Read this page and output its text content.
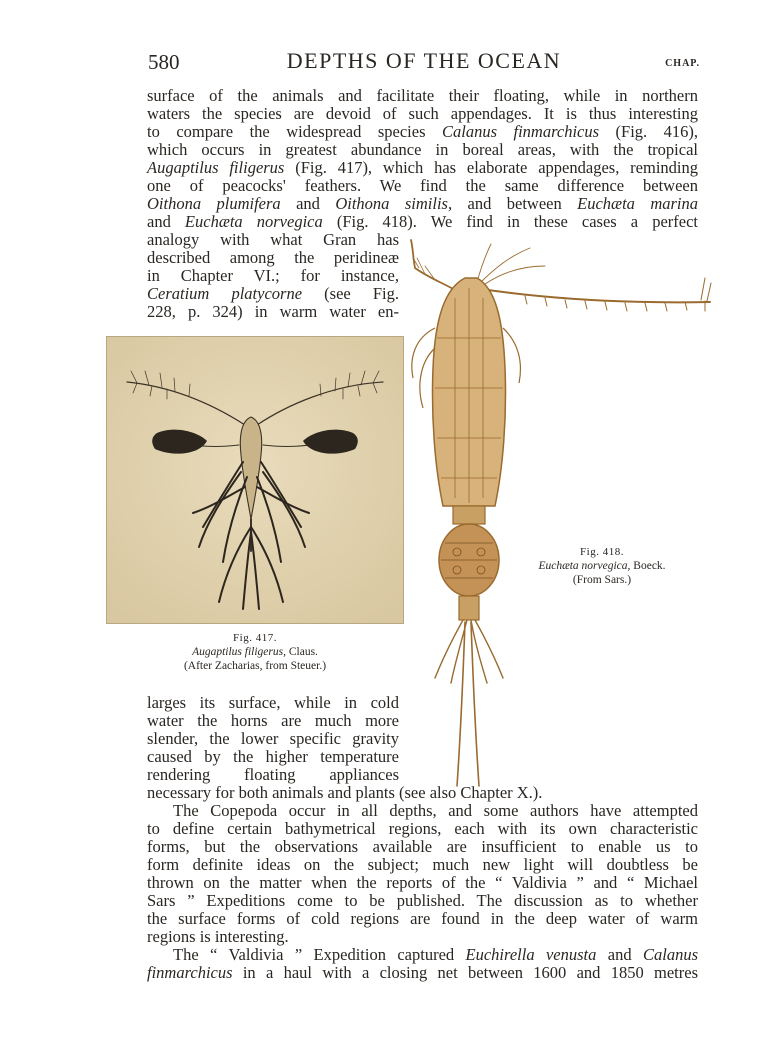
580	DEPTHS OF THE OCEAN	CHAP.
surface of the animals and facilitate their floating, while in northern
waters the species are devoid of such appendages. It is thus interesting
to compare the widespread species Calanus finmarchicus (Fig. 416),
which occurs in greatest abundance in boreal areas, with the tropical
Augaptilus filigerus (Fig. 417), which has elaborate appendages, reminding
one of peacocks' feathers. We find the same difference between
Oithona plumifera and Oithona similis, and between Euchæta marina
and Euchæta norvegica (Fig. 418). We find in these cases a perfect
analogy with what Gran has
described among the peridineæ
in Chapter VI.; for instance,
Ceratium platycorne (see Fig.
228, p. 324) in warm water en-
Fig. 417.
Augaptilus filigerus, Claus.
(After Zacharias, from Steuer.)
Fig. 418.
Euchæta norvegica, Boeck.
(From Sars.)
larges its surface, while in cold
water the horns are much more
slender, the lower specific gravity
caused by the higher temperature
rendering floating appliances
necessary for both animals and plants (see also Chapter X.).
The Copepoda occur in all depths, and some authors have attempted
to define certain bathymetrical regions, each with its own characteristic
forms, but the observations available are insufficient to enable us to
form definite ideas on the subject; much new light will doubtless be
thrown on the matter when the reports of the “ Valdivia ” and “ Michael
Sars ” Expeditions come to be published. The discussion as to whether
the surface forms of cold regions are found in the deep water of warm
regions is interesting.
The “ Valdivia ” Expedition captured Euchirella venusta and Calanus
finmarchicus in a haul with a closing net between 1600 and 1850 metres
